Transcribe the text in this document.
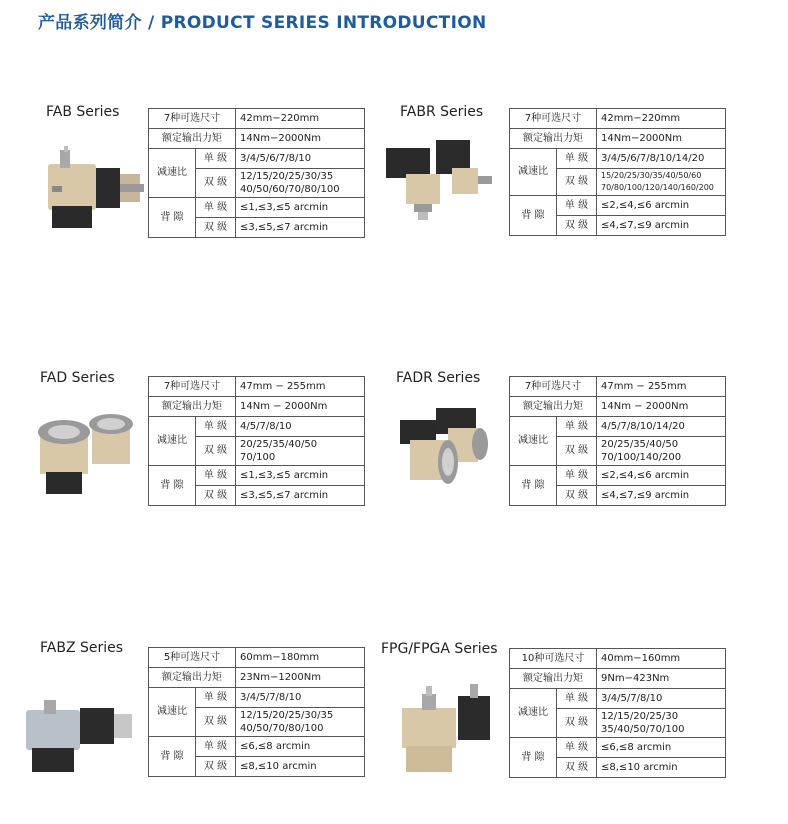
产品系列简介 / PRODUCT SERIES INTRODUCTION
FAB Series	7种可选尺寸		42mm−220mm
额定输出力矩		14Nm−2000Nm
减速比	单 级	3/4/5/6/7/8/10
	双 级	12/15/20/25/30/35
40/50/60/70/80/100
背 隙	单 级	≤1,≤3,≤5 arcmin
	双 级	≤3,≤5,≤7 arcmin
FABR Series	7种可选尺寸		42mm−220mm
额定输出力矩		14Nm−2000Nm
减速比	单 级	3/4/5/6/7/8/10/14/20
	双 级	15/20/25/30/35/40/50/60
70/80/100/120/140/160/200
背 隙	单 级	≤2,≤4,≤6 arcmin
	双 级	≤4,≤7,≤9 arcmin
FAD Series	7种可选尺寸		47mm − 255mm
额定输出力矩		14Nm − 2000Nm
减速比	单 级	4/5/7/8/10
	双 级	20/25/35/40/50
70/100
背 隙	单 级	≤1,≤3,≤5 arcmin
	双 级	≤3,≤5,≤7 arcmin
FADR Series	7种可选尺寸		47mm − 255mm
额定输出力矩		14Nm − 2000Nm
减速比	单 级	4/5/7/8/10/14/20
	双 级	20/25/35/40/50
70/100/140/200
背 隙	单 级	≤2,≤4,≤6 arcmin
	双 级	≤4,≤7,≤9 arcmin
FABZ Series
5种可选尺寸		60mm−180mm
额定输出力矩		23Nm−1200Nm
减速比	单 级	3/4/5/7/8/10
	双 级	12/15/20/25/30/35
40/50/70/80/100
背 隙	单 级	≤6,≤8 arcmin
	双 级	≤8,≤10 arcmin
FPG/FPGA Series
10种可选尺寸		40mm−160mm
额定输出力矩		9Nm−423Nm
减速比	单 级	3/4/5/7/8/10
	双 级	12/15/20/25/30
35/40/50/70/100
背 隙	单 级	≤6,≤8 arcmin
	双 级	≤8,≤10 arcmin
